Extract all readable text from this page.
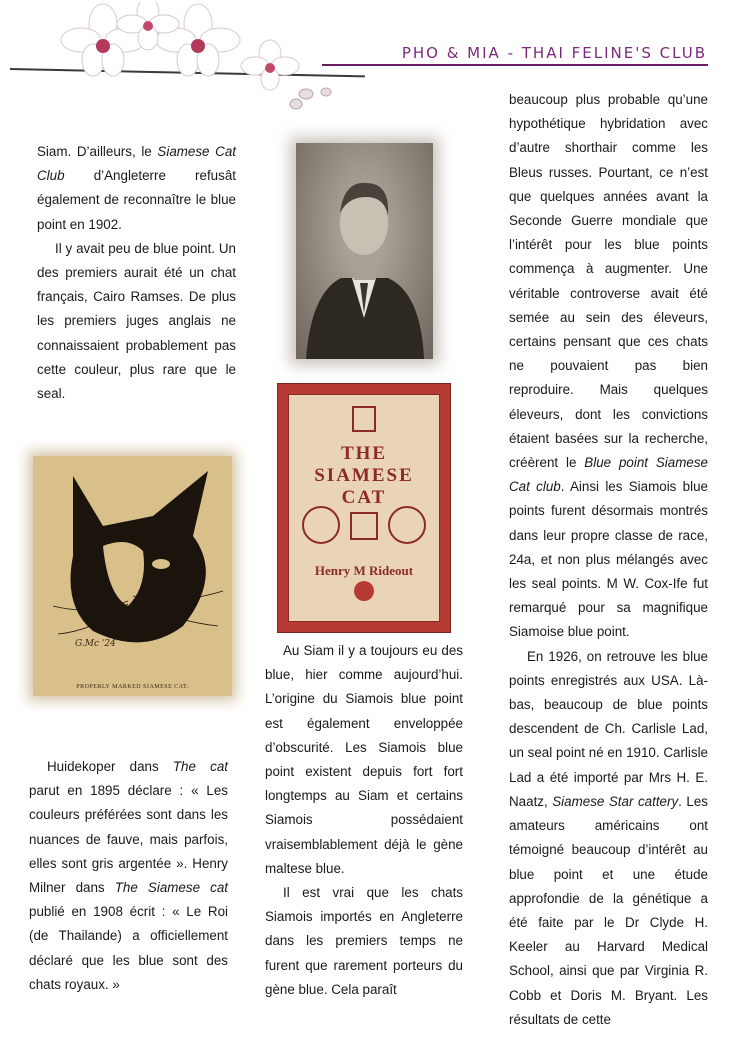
PHO & MIA - THAI FELINE'S CLUB

Siam. D’ailleurs, le Siamese Cat Club d’Angleterre refusât également de reconnaître le blue point en 1902.

Il y avait peu de blue point. Un des premiers aurait été un chat français, Cairo Ramses. De plus les premiers juges anglais ne connaissaient probablement pas cette couleur, plus rare que le seal.

G.Mc '24
PROPERLY MARKED SIAMESE CAT.

Huidekoper dans The cat parut en 1895 déclare : « Les couleurs préférées sont dans les nuances de fauve, mais parfois, elles sont gris argentée ». Henry Milner dans The Siamese cat publié en 1908 écrit : « Le Roi (de Thailande) a officiellement déclaré que les blue sont des chats royaux. »

THE
SIAMESE
CAT
Henry M Rideout

Au Siam il y a toujours eu des blue, hier comme aujourd’hui. L’origine du Siamois blue point est également enveloppée d’obscurité. Les Siamois blue point existent depuis fort fort longtemps au Siam et certains Siamois possédaient vraisemblablement déjà le gène maltese blue.

Il est vrai que les chats Siamois importés en Angleterre dans les premiers temps ne furent que rarement porteurs du gène blue. Cela paraît

beaucoup plus probable qu’une hypothétique hybridation avec d’autre shorthair comme les Bleus russes. Pourtant, ce n’est que quelques années avant la Seconde Guerre mondiale que l’intérêt pour les blue points commença à augmenter. Une véritable controverse avait été semée au sein des éleveurs, certains pensant que ces chats ne pouvaient pas bien reproduire. Mais quelques éleveurs, dont les convictions étaient basées sur la recherche, créèrent le Blue point Siamese Cat club. Ainsi les Siamois blue points furent désormais montrés dans leur propre classe de race, 24a, et non plus mélangés avec les seal points. M W. Cox-Ife fut remarqué pour sa magnifique Siamoise blue point.

En 1926, on retrouve les blue points enregistrés aux USA. Là-bas, beaucoup de blue points descendent de Ch. Carlisle Lad, un seal point né en 1910. Carlisle Lad a été importé par Mrs H. E. Naatz, Siamese Star cattery. Les amateurs américains ont témoigné beaucoup d’intérêt au blue point et une étude approfondie de la génétique a été faite par le Dr Clyde H. Keeler au Harvard Medical School, ainsi que par Virginia R. Cobb et Doris M. Bryant. Les résultats de cette
